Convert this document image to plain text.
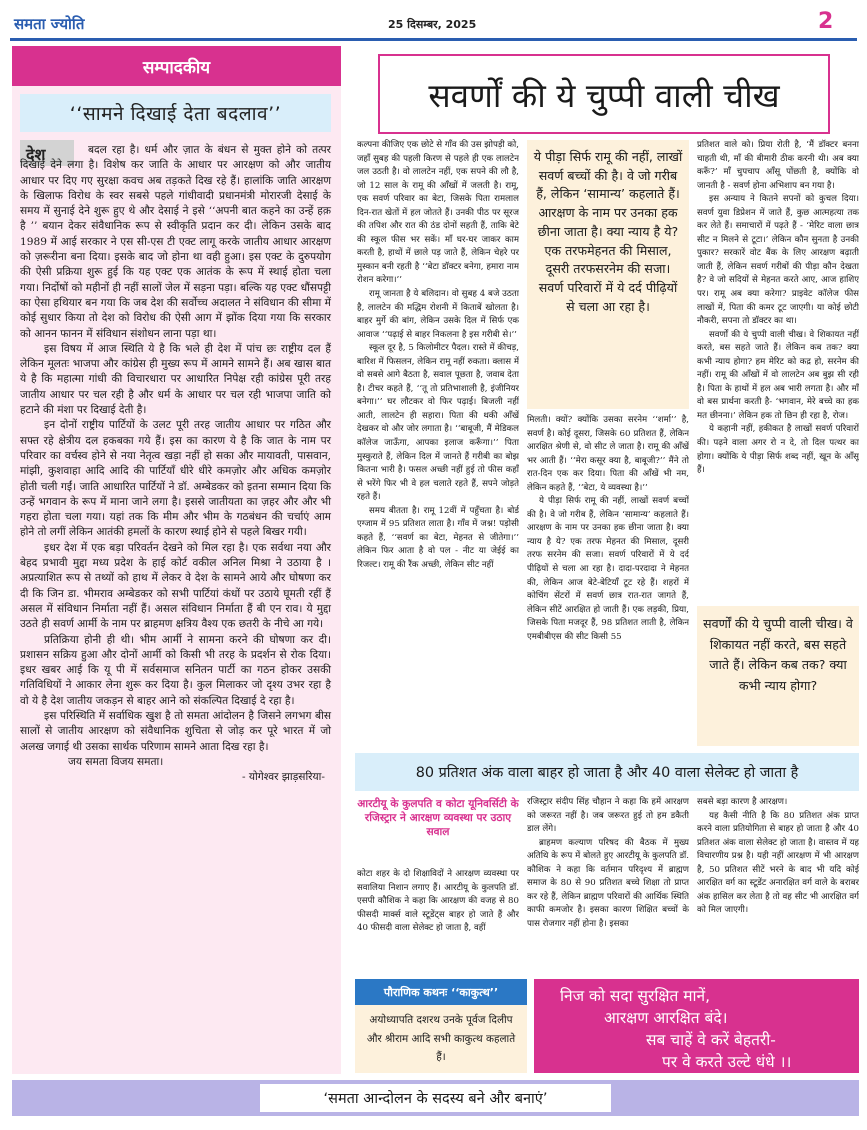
समता ज्योति	25 दिसम्बर, 2025	2
सम्पादकीय
‘‘सामने दिखाई देता बदलाव’’
देश	बदल रहा है। धर्म और ज़ात के बंधन से मुक्त होने को तत्पर दिखाई देने लगा है। विशेष कर जाति के आधार पर आरक्षण को और जातीय आधार पर दिए गए सुरक्षा कवच अब तड़कते दिख रहे हैं। हालांकि जाति आरक्षण के खिलाफ विरोध के स्वर सबसे पहले गांधीवादी प्रधानमंत्री मोरारजी देसाई के समय में सुनाई देने शुरू हुए थे और देसाई ने इसे ‘‘अपनी बात कहने का उन्हें हक़ है ’’ बयान देकर संवैधानिक रूप से स्वीकृति प्रदान कर दी। लेकिन उसके बाद 1989 में आई सरकार ने एस सी-एस टी एक्ट लागू करके जातीय आधार आरक्षण को ज़रूरीना बना दिया। इसके बाद जो होना था वही हुआ। इस एक्ट के दुरुपयोग की ऐसी प्रक्रिया शुरू हुई कि यह एक्ट एक आतंक के रूप में स्थाई होता चला गया। निर्दोषों को महीनों ही नहीं सालों जेल में सड़ना पड़ा। बल्कि यह एक्ट धौंसपट्टी का ऐसा हथियार बन गया कि जब देश की सर्वोच्च अदालत ने संविधान की सीमा में कोई सुधार किया तो देश को विरोध की ऐसी आग में झोंक दिया गया कि सरकार को आनन फानन में संविधान संशोधन लाना पड़ा था।

इस विषय में आज स्थिति ये है कि भले ही देश में पांच छः राष्ट्रीय दल हैं लेकिन मूलतः भाजपा और कांग्रेस ही मुख्य रूप में आमने सामने हैं। अब खास बात ये है कि महात्मा गांधी की विचारधारा पर आधारित निपेक्ष रही कांग्रेस पूरी तरह जातीय आधार पर चल रही है और धर्म के आधार पर चल रही भाजपा जाति को हटाने की मंशा पर दिखाई देती है।

इन दोनों राष्ट्रीय पार्टियों के उलट पूरी तरह जातीय आधार पर गठित और सफ्त रहे क्षेत्रीय दल हकबका गये हैं। इस का कारण ये है कि जात के नाम पर परिवार का वर्चस्व होने से नया नेतृत्व खड़ा नहीं हो सका और मायावती, पासवान, मांझी, कुशवाहा आदि आदि की पार्टियाँ धीरे धीरे कमज़ोर और अधिक कमज़ोर होती चली गईं। जाति आधारित पार्टियों ने डॉ. अम्बेडकर को इतना सम्मान दिया कि उन्हें भगवान के रूप में माना जाने लगा है। इससे जातीयता का ज़हर और और भी गहरा होता चला गया। यहां तक कि मीम और भीम के गठबंधन की चर्चाएं आम होने तो लगीं लेकिन आतंकी हमलों के कारण स्थाई होने से पहले बिखर गयी।

इधर देश में एक बड़ा परिवर्तन देखने को मिल रहा है। एक सर्वथा नया और बेहद प्रभावी मुद्दा मध्य प्रदेश के हाई कोर्ट वकील अनिल मिश्रा ने उठाया है । अप्रत्याशित रूप से तथ्यों को हाथ में लेकर वे देश के सामने आये और घोषणा कर दी कि जिन डा. भीमराव अम्बेडकर को सभी पार्टियां कंधों पर उठाये घूमती रहीं हैं असल में संविधान निर्माता नहीं हैं। असल संविधान निर्माता हैं बी एन राव। ये मुद्दा उठते ही सवर्ण आर्मी के नाम पर ब्राहमण क्षत्रिय वैश्य एक छतरी के नीचे आ गये।

प्रतिक्रिया होनी ही थी। भीम आर्मी ने सामना करने की घोषणा कर दी। प्रशासन सक्रिय हुआ और दोनों आर्मी को किसी भी तरह के प्रदर्शन से रोक दिया। इधर खबर आई कि यू पी में सर्वसमाज सनितन पार्टी का गठन होकर उसकी गतिविधियों ने आकार लेना शुरू कर दिया है। कुल मिलाकर जो दृश्य उभर रहा है वो ये है देश जातीय जकड़न से बाहर आने को संकल्पित दिखाई दे रहा है।

इस परिस्थिति में सर्वाधिक खुश है तो समता आंदोलन है जिसने लगभग बीस सालों से जातीय आरक्षण को संवैधानिक शुचिता से जोड़ कर पूरे भारत में जो अलख जगाई थी उसका सार्थक परिणाम सामने आता दिख रहा है।

जय समता विजय समता।

- योगेश्वर झाड़सरिया-

सवर्णों की ये चुप्पी वाली चीख

कल्पना कीजिए एक छोटे से गाँव की उस झोपड़ी को, जहाँ सुबह की पहली किरण से पहले ही एक लालटेन जल उठती है। वो लालटेन नहीं, एक सपने की लौ है, जो 12 साल के रामू की आँखों में जलती है। रामू, एक सवर्ण परिवार का बेटा, जिसके पिता रामलाल दिन-रात खेतों में हल जोतते हैं। उनकी पीठ पर सूरज की तपिश और रात की ठंड दोनों सहती हैं, ताकि बेटे की स्कूल फीस भर सकें। माँ घर-घर जाकर काम करती है, हाथों में छाले पड़ जाते हैं, लेकिन चेहरे पर मुस्कान बनी रहती है ‘‘बेटा डॉक्टर बनेगा, हमारा नाम रोशन करेगा।’’

रामू जानता है ये बलिदान। वो सुबह 4 बजे उठता है, लालटेन की मद्धिम रोशनी में किताबें खोलता है। बाहर मुर्गे की बांग, लेकिन उसके दिल में सिर्फ एक आवाज ‘‘पढ़ाई से बाहर निकलना है इस गरीबी से।’’

स्कूल दूर है, 5 किलोमीटर पैदल। रास्ते में कीचड़, बारिश में फिसलन, लेकिन रामू नहीं रुकता। क्लास में वो सबसे आगे बैठता है, सवाल पूछता है, जवाब देता है। टीचर कहते हैं, ‘‘तू तो प्रतिभाशाली है, इंजीनियर बनेगा।’’ घर लौटकर वो फिर पढ़ाई। बिजली नहीं आती, लालटेन ही सहारा। पिता की थकी आँखें देखकर वो और जोर लगाता है। ‘‘बाबूजी, मैं मेडिकल कॉलेज जाऊँगा, आपका इलाज करूँगा।’’ पिता मुस्कुराते हैं, लेकिन दिल में जानते हैं गरीबी का बोझ कितना भारी है। फसल अच्छी नहीं हुई तो फीस कहाँ से भरेंगे फिर भी वे हल चलाते रहते हैं, सपने जोड़ते रहते हैं।

समय बीतता है। रामू 12वीं में पहुँचता है। बोर्ड एग्जाम में 95 प्रतिशत लाता है। गाँव में जश्न! पड़ोसी कहते हैं, ‘‘सवर्ण का बेटा, मेहनत से जीतेगा।’’ लेकिन फिर आता है वो पल - नीट या जेईई का रिजल्ट। रामू की रैंक अच्छी, लेकिन सीट नहीं

ये पीड़ा सिर्फ रामू की नहीं, लाखों सवर्ण बच्चों की है। वे जो गरीब हैं, लेकिन ‘सामान्य’ कहलाते हैं। आरक्षण के नाम पर उनका हक छीना जाता है। क्या न्याय है ये? एक तरफमेहनत की मिसाल, दूसरी तरफसरनेम की सजा। सवर्ण परिवारों में ये दर्द पीढ़ियों से चला आ रहा है।

मिलती। क्यों? क्योंकि उसका सरनेम ‘‘शर्मा’’ है, सवर्ण है। कोई दूसरा, जिसके 60 प्रतिशत हैं, लेकिन आरक्षित श्रेणी से, वो सीट ले जाता है। रामू की आँखें भर आती हैं। ‘‘मेरा कसूर क्या है, बाबूजी?’’ मैंने तो रात-दिन एक कर दिया। पिता की आँखें भी नम, लेकिन कहते हैं, ‘‘बेटा, ये व्यवस्था है।’’

ये पीड़ा सिर्फ रामू की नहीं, लाखों सवर्ण बच्चों की है। वे जो गरीब हैं, लेकिन ‘सामान्य’ कहलाते हैं। आरक्षण के नाम पर उनका हक छीना जाता है। क्या न्याय है ये? एक तरफ मेहनत की मिसाल, दूसरी तरफ सरनेम की सजा। सवर्ण परिवारों में ये दर्द पीढ़ियों से चला आ रहा है। दादा-परदादा ने मेहनत की, लेकिन आज बेटे-बेटियाँ टूट रहे हैं। शहरों में कोचिंग सेंटरों में सवर्ण छात्र रात-रात जागते हैं, लेकिन सीटें आरक्षित हो जाती हैं। एक लड़की, प्रिया, जिसके पिता मजदूर हैं, 98 प्रतिशत लाती है, लेकिन एमबीबीएस की सीट किसी 55

प्रतिशत वाले को। प्रिया रोती है, ‘मैं डॉक्टर बनना चाहती थी, माँ की बीमारी ठीक करनी थी। अब क्या करूँ?’ माँ चुपचाप आँसू पोंछती है, क्योंकि वो जानती है - सवर्ण होना अभिशाप बन गया है।

इस अन्याय ने कितने सपनों को कुचल दिया। सवर्ण युवा डिप्रेशन में जाते हैं, कुछ आत्महत्या तक कर लेते हैं। समाचारों में पढ़ते हैं - ‘मेरिट वाला छात्र सीट न मिलने से टूटा।’ लेकिन कौन सुनता है उनकी पुकार? सरकारें वोट बैंक के लिए आरक्षण बढ़ाती जाती हैं, लेकिन सवर्ण गरीबों की पीड़ा कौन देखता है? वे जो सदियों से मेहनत करते आए, आज हाशिए पर। रामू अब क्या करेगा? प्राइवेट कॉलेज फीस लाखों में, पिता की कमर टूट जाएगी। या कोई छोटी नौकरी, सपना तो डॉक्टर का था।

सवर्णों की ये चुप्पी वाली चीख। वे शिकायत नहीं करते, बस सहते जाते हैं। लेकिन कब तक? क्या कभी न्याय होगा? हम मेरिट को कद्र हो, सरनेम की नहीं। रामू की आँखों में वो लालटेन अब बुझ सी रही है। पिता के हाथों में हल अब भारी लगता है। और माँ वो बस प्रार्थना करती है- ‘भगवान, मेरे बच्चे का हक मत छीनना।’ लेकिन हक तो छिन ही रहा है, रोज।

ये कहानी नहीं, हकीकत है लाखों सवर्ण परिवारों की। पढ़ने वाला अगर रो न दे, तो दिल पत्थर का होगा। क्योंकि ये पीड़ा सिर्फ शब्द नहीं, खून के आँसू हैं।

सवर्णों की ये चुप्पी वाली चीख। वे शिकायत नहीं करते, बस सहते जाते हैं। लेकिन कब तक? क्या कभी न्याय होगा?
80 प्रतिशत अंक वाला बाहर हो जाता है और 40 वाला सेलेक्ट हो जाता है
आरटीयू के कुलपति व कोटा यूनिवर्सिटी के रजिस्ट्रार ने आरक्षण व्यवस्था पर उठाए सवाल

कोटा शहर के दो शिक्षाविदों ने आरक्षण व्यवस्था पर सवालिया निशान लगाए हैं। आरटीयू के कुलपति डॉ. एसपी कौशिक ने कहा कि आरक्षण की वजह से 80 फीसदी मार्क्स वाले स्टूडेंट्स बाहर हो जाते हैं और 40 फीसदी वाला सेलेक्ट हो जाता है, वहीं

रजिस्ट्रार संदीप सिंह चौहान ने कहा कि हमें आरक्षण को जरूरत नहीं है। जब जरूरत हुई तो हम डकैती डाल लेंगे।

ब्राहमण कल्याण परिषद की बैठक में मुख्य अतिथि के रूप में बोलते हुए आरटीयू के कुलपति डॉ. कौशिक ने कहा कि वर्तमान परिदृश्य में ब्राह्मण समाज के 80 से 90 प्रतिशत बच्चे शिक्षा तो प्राप्त कर रहे हैं, लेकिन ब्राह्मण परिवारों की आर्थिक स्थिति काफी कमजोर है। इसका कारण शिक्षित बच्चों के पास रोजगार नहीं होना है। इसका

सबसे बड़ा कारण है आरक्षण।

यह कैसी नीति है कि 80 प्रतिशत अंक प्राप्त करने वाला प्रतियोगिता से बाहर हो जाता है और 40 प्रतिशत अंक वाला सेलेक्ट हो जाता है। वास्तव में यह विचारणीय प्रश्न है। यही नहीं आरक्षण में भी आरक्षण है, 50 प्रतिशत सीटें भरने के बाद भी यदि कोई आरक्षित वर्ग का स्टूडेंट अनारक्षित वर्ग वाले के बराबर अंक हासिल कर लेता है तो वह सीट भी आरक्षित वर्ग को मिल जाएगी।

पौराणिक कथनः ‘‘काकुत्थ’’
अयोध्यापति दशरथ उनके पूर्वज दिलीप और श्रीराम आदि सभी काकुत्थ कहलाते हैं।
निज को सदा सुरक्षित मानें,
आरक्षण आरक्षित बंदे।
सब चाहें वे करें बेहतरी-
पर वे करते उल्टे धंधे ।।
‘समता आन्दोलन के सदस्य बने और बनाएं’
